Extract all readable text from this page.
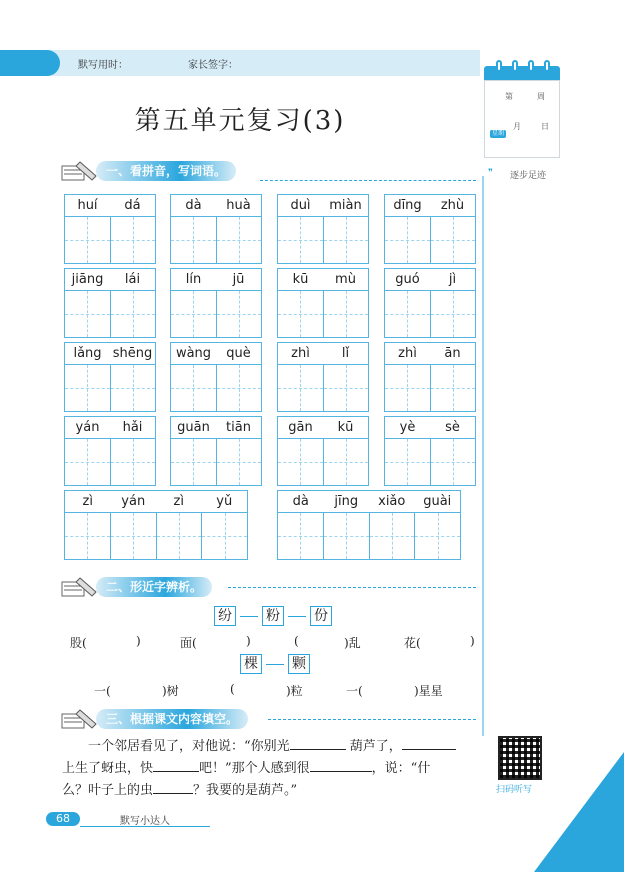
默写用时：	家长签字：
第	周
月	日
星期
❞ 逐步足迹
第五单元复习(3)
一、看拼音，写词语。
huí	dá	dà	huà	duì	miàn	dīng	zhù
jiāng	lái	lín	jū	kū	mù	guó	jì
lǎng shēng	wàng	què	zhì	lǐ	zhì	ān
yán	hǎi	guān	tiān	gān	kū	yè	sè
zì	yán	zì	yǔ	dà	jīng	xiǎo	guài
二、形近字辨析。
纷 粉 份
股(	)	面(	)	(	)乱	花(	)
棵 颗
一(	)树	(	)粒	一(	)星星
三、根据课文内容填空。
一个邻居看见了，对他说：“你别光	葫芦了，
上生了蚜虫，快	吧！”那个人感到很	，说：“什
么？叶子上的虫	？我要的是葫芦。”	扫码听写
68	默写小达人
